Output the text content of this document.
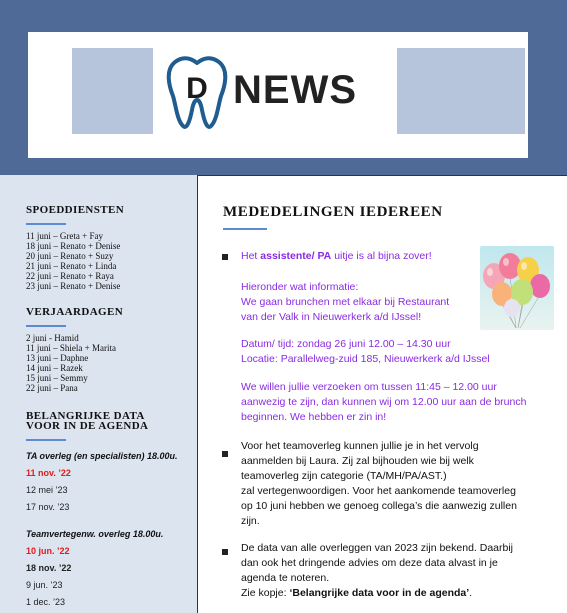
D NEWS
SPOEDDIENSTEN
11 juni – Greta + Fay
18 juni – Renato + Denise
20 juni – Renato + Suzy
21 juni – Renato + Linda
22 juni – Renato + Raya
23 juni – Renato + Denise
VERJAARDAGEN
2 juni - Hamid
11 juni – Shiela + Marita
13 juni – Daphne
14 juni – Razek
15 juni – Semmy
22 juni – Pana
BELANGRIJKE DATA
VOOR IN DE AGENDA
TA overleg (en specialisten) 18.00u.
11 nov. ’22
12 mei ’23
17 nov. ’23
Teamvertegenw. overleg 18.00u.
10 jun. ’22
18 nov. ’22
9 jun. ’23
1 dec. ’23
MEDEDELINGEN IEDEREEN
Het assistente/ PA uitje is al bijna zover!
Hieronder wat informatie:
We gaan brunchen met elkaar bij Restaurant
van der Valk in Nieuwerkerk a/d IJssel!
Datum/ tijd: zondag 26 juni 12.00 – 14.30 uur
Locatie: Parallelweg-zuid 185, Nieuwerkerk a/d IJssel
We willen jullie verzoeken om tussen 11:45 – 12.00 uur
aanwezig te zijn, dan kunnen wij om 12.00 uur aan de brunch
beginnen. We hebben er zin in!
Voor het teamoverleg kunnen jullie je in het vervolg
aanmelden bij Laura. Zij zal bijhouden wie bij welk
teamoverleg zijn categorie (TA/MH/PA/AST.)
zal vertegenwoordigen. Voor het aankomende teamoverleg
op 10 juni hebben we genoeg collega’s die aanwezig zullen
zijn.
De data van alle overleggen van 2023 zijn bekend. Daarbij
dan ook het dringende advies om deze data alvast in je
agenda te noteren.
Zie kopje: ‘Belangrijke data voor in de agenda’.
